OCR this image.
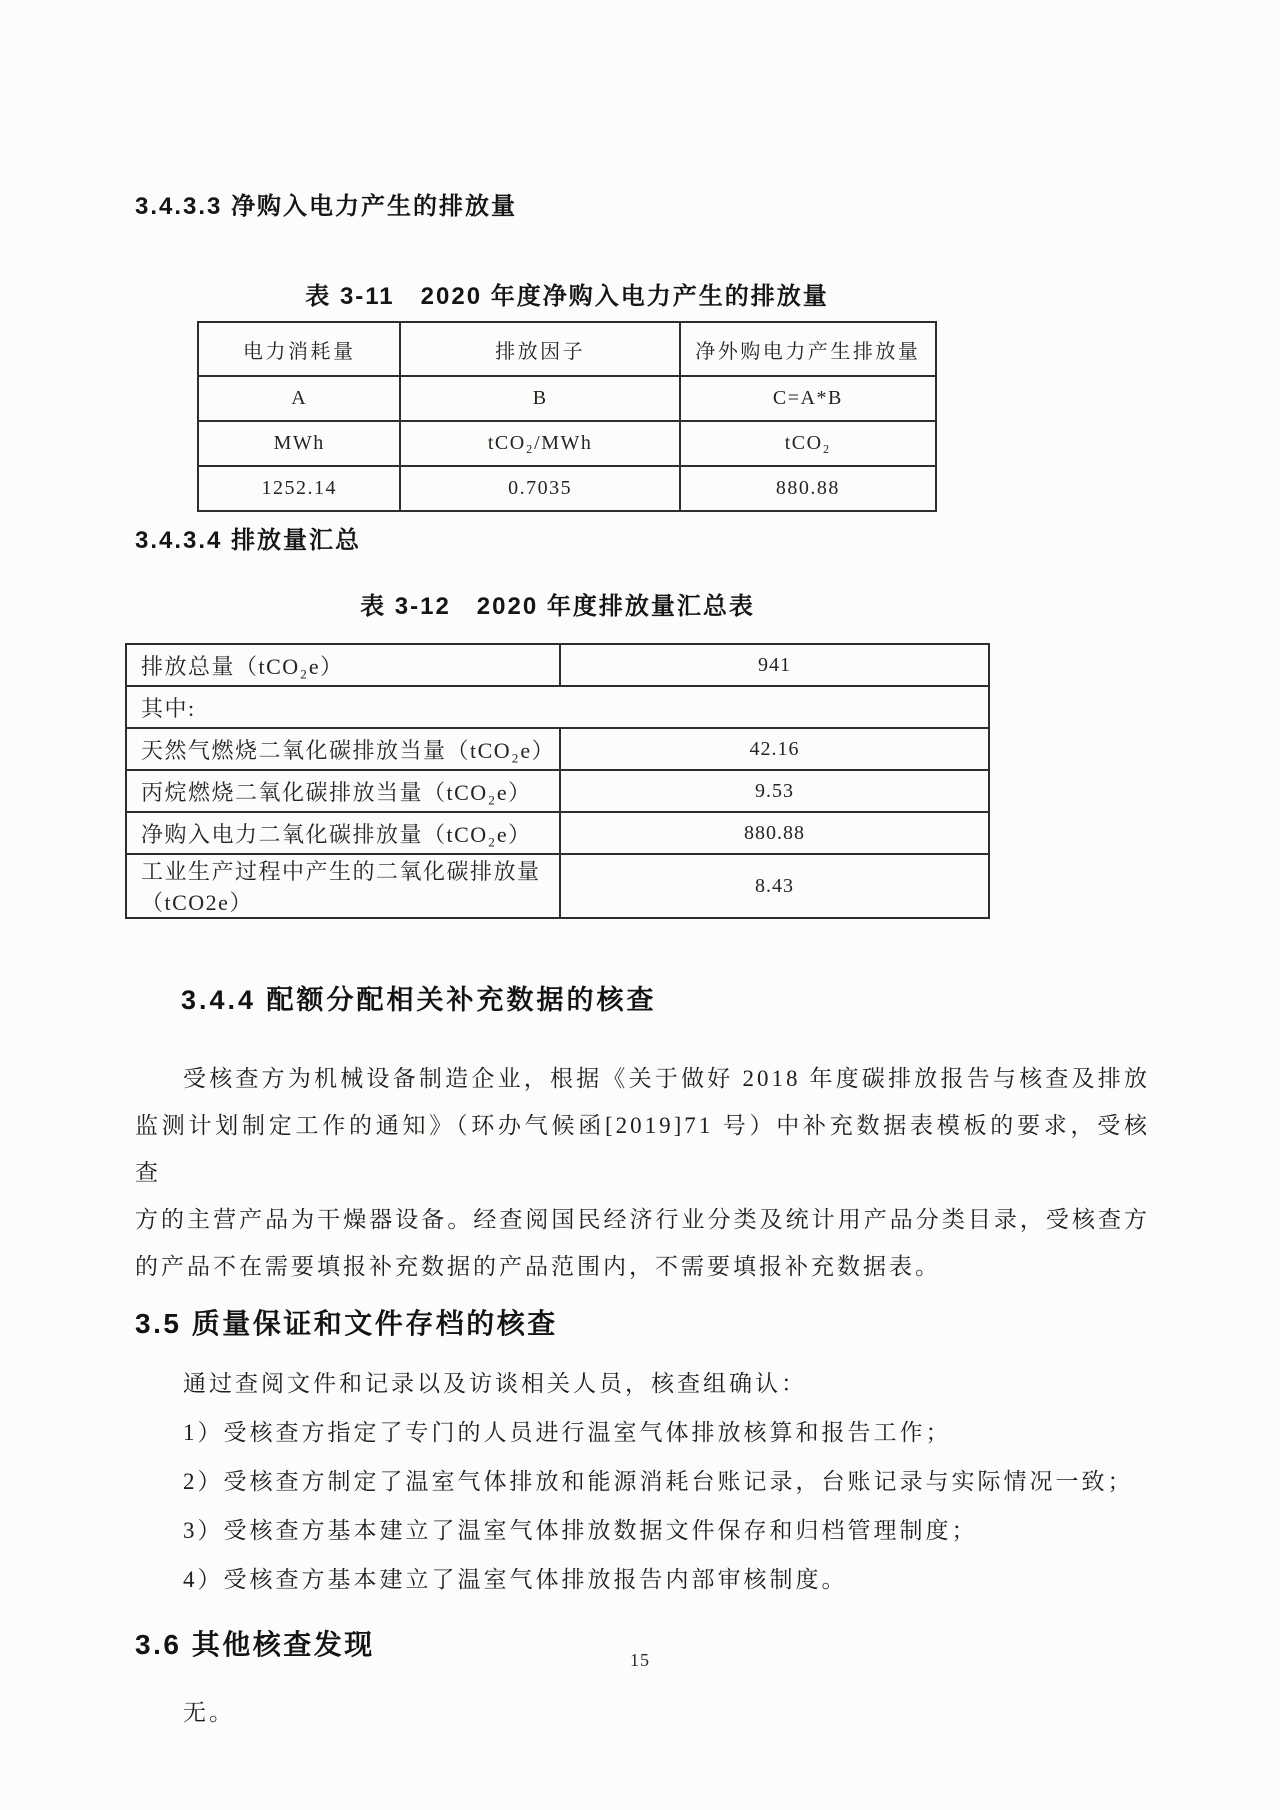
3.4.3.3 净购入电力产生的排放量
表 3-11　2020 年度净购入电力产生的排放量
电力消耗量	排放因子	净外购电力产生排放量
A	B	C=A*B
MWh	tCO₂/MWh	tCO₂
1252.14	0.7035	880.88
3.4.3.4 排放量汇总
表 3-12　2020 年度排放量汇总表
排放总量（tCO₂e）	941
其中:	
天然气燃烧二氧化碳排放当量（tCO₂e）	42.16
丙烷燃烧二氧化碳排放当量（tCO₂e）	9.53
净购入电力二氧化碳排放量（tCO₂e）	880.88
工业生产过程中产生的二氧化碳排放量（tCO2e）	8.43
3.4.4 配额分配相关补充数据的核查
受核查方为机械设备制造企业，根据《关于做好 2018 年度碳排放报告与核查及排放
监测计划制定工作的通知》（环办气候函[2019]71 号）中补充数据表模板的要求，受核查
方的主营产品为干燥器设备。经查阅国民经济行业分类及统计用产品分类目录，受核查方
的产品不在需要填报补充数据的产品范围内，不需要填报补充数据表。
3.5 质量保证和文件存档的核查
通过查阅文件和记录以及访谈相关人员，核查组确认：
1）受核查方指定了专门的人员进行温室气体排放核算和报告工作；
2）受核查方制定了温室气体排放和能源消耗台账记录，台账记录与实际情况一致；
3）受核查方基本建立了温室气体排放数据文件保存和归档管理制度；
4）受核查方基本建立了温室气体排放报告内部审核制度。
3.6 其他核查发现
无。
15
